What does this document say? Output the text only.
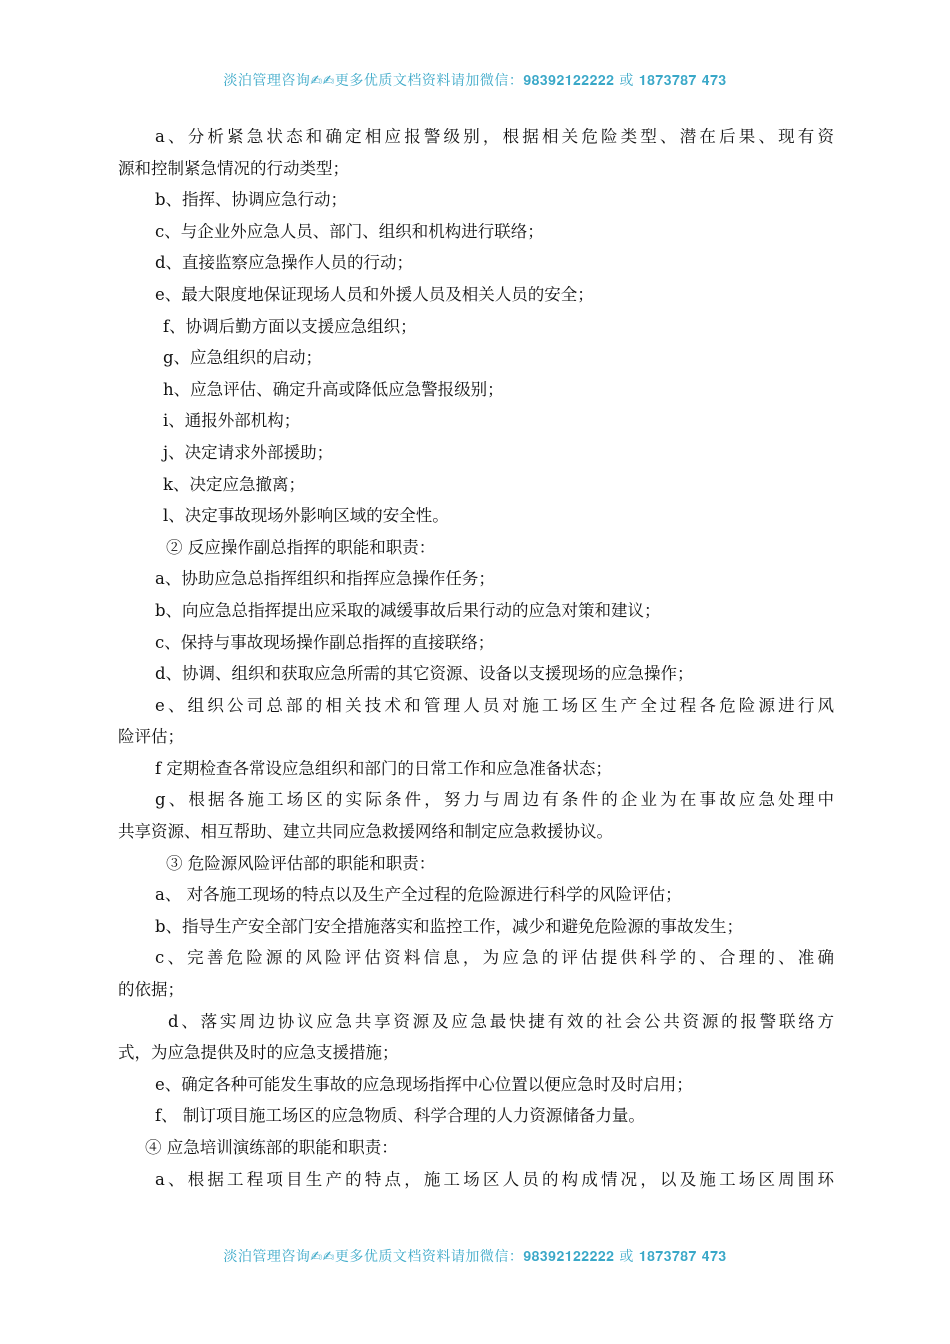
淡泊管理咨询✍✍更多优质文档资料请加微信：𝟗𝟖𝟑𝟗𝟐𝟏𝟐𝟐𝟐𝟐𝟐 或 𝟏𝟖𝟕𝟑𝟕𝟖𝟕 𝟒𝟕𝟑
a、分析紧急状态和确定相应报警级别，根据相关危险类型、潜在后果、现有资
源和控制紧急情况的行动类型；
b、指挥、协调应急行动；
c、与企业外应急人员、部门、组织和机构进行联络；
d、直接监察应急操作人员的行动；
e、最大限度地保证现场人员和外援人员及相关人员的安全；
f、协调后勤方面以支援应急组织；
g、应急组织的启动；
h、应急评估、确定升高或降低应急警报级别；
i、通报外部机构；
j、决定请求外部援助；
k、决定应急撤离；
l、决定事故现场外影响区域的安全性。
② 反应操作副总指挥的职能和职责：
a、协助应急总指挥组织和指挥应急操作任务；
b、向应急总指挥提出应采取的减缓事故后果行动的应急对策和建议；
c、保持与事故现场操作副总指挥的直接联络；
d、协调、组织和获取应急所需的其它资源、设备以支援现场的应急操作；
e、组织公司总部的相关技术和管理人员对施工场区生产全过程各危险源进行风
险评估；
f 定期检查各常设应急组织和部门的日常工作和应急准备状态；
g、根据各施工场区的实际条件，努力与周边有条件的企业为在事故应急处理中
共享资源、相互帮助、建立共同应急救援网络和制定应急救援协议。
③ 危险源风险评估部的职能和职责：
a、 对各施工现场的特点以及生产全过程的危险源进行科学的风险评估；
b、指导生产安全部门安全措施落实和监控工作，减少和避免危险源的事故发生；
c、完善危险源的风险评估资料信息，为应急的评估提供科学的、合理的、准确
的依据；
d、落实周边协议应急共享资源及应急最快捷有效的社会公共资源的报警联络方
式，为应急提供及时的应急支援措施；
e、确定各种可能发生事故的应急现场指挥中心位置以便应急时及时启用；
f、 制订项目施工场区的应急物质、科学合理的人力资源储备力量。
④ 应急培训演练部的职能和职责：
a、根据工程项目生产的特点，施工场区人员的构成情况，以及施工场区周围环
淡泊管理咨询✍✍更多优质文档资料请加微信：𝟗𝟖𝟑𝟗𝟐𝟏𝟐𝟐𝟐𝟐𝟐 或 𝟏𝟖𝟕𝟑𝟕𝟖𝟕 𝟒𝟕𝟑
